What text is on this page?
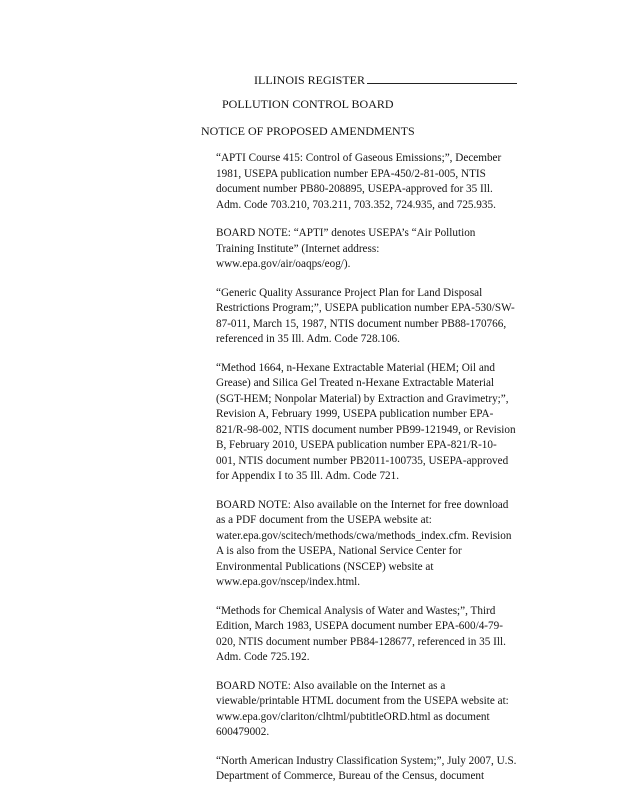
ILLINOIS REGISTER
POLLUTION CONTROL BOARD
NOTICE OF PROPOSED AMENDMENTS

“APTI Course 415: Control of Gaseous Emissions;”, December
1981, USEPA publication number EPA-450/2-81-005, NTIS
document number PB80-208895, USEPA-approved for 35 Ill.
Adm. Code 703.210, 703.211, 703.352, 724.935, and 725.935.

BOARD NOTE: “APTI” denotes USEPA’s “Air Pollution
Training Institute” (Internet address:
www.epa.gov/air/oaqps/eog/).

“Generic Quality Assurance Project Plan for Land Disposal
Restrictions Program;”, USEPA publication number EPA-530/SW-
87-011, March 15, 1987, NTIS document number PB88-170766,
referenced in 35 Ill. Adm. Code 728.106.

“Method 1664, n-Hexane Extractable Material (HEM; Oil and
Grease) and Silica Gel Treated n-Hexane Extractable Material
(SGT-HEM; Nonpolar Material) by Extraction and Gravimetry;”,
Revision A, February 1999, USEPA publication number EPA-
821/R-98-002, NTIS document number PB99-121949, or Revision
B, February 2010, USEPA publication number EPA-821/R-10-
001, NTIS document number PB2011-100735, USEPA-approved
for Appendix I to 35 Ill. Adm. Code 721.

BOARD NOTE: Also available on the Internet for free download
as a PDF document from the USEPA website at:
water.epa.gov/scitech/methods/cwa/methods_index.cfm. Revision
A is also from the USEPA, National Service Center for
Environmental Publications (NSCEP) website at
www.epa.gov/nscep/index.html.

“Methods for Chemical Analysis of Water and Wastes;”, Third
Edition, March 1983, USEPA document number EPA-600/4-79-
020, NTIS document number PB84-128677, referenced in 35 Ill.
Adm. Code 725.192.

BOARD NOTE: Also available on the Internet as a
viewable/printable HTML document from the USEPA website at:
www.epa.gov/clariton/clhtml/pubtitleORD.html as document
600479002.

“North American Industry Classification System;”, July 2007, U.S.
Department of Commerce, Bureau of the Census, document
